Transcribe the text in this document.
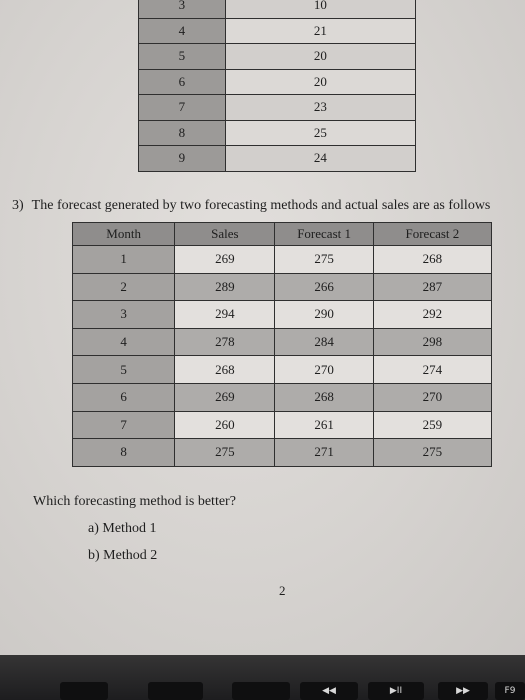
3	10
4	21
5	20
6	20
7	23
8	25
9	24
3) The forecast generated by two forecasting methods and actual sales are as follows
Month	Sales	Forecast 1	Forecast 2
1	269	275	268
2	289	266	287
3	294	290	292
4	278	284	298
5	268	270	274
6	269	268	270
7	260	261	259
8	275	271	275
Which forecasting method is better?
a) Method 1
b) Method 2
2
◀◀	▶II	▶▶	F9
